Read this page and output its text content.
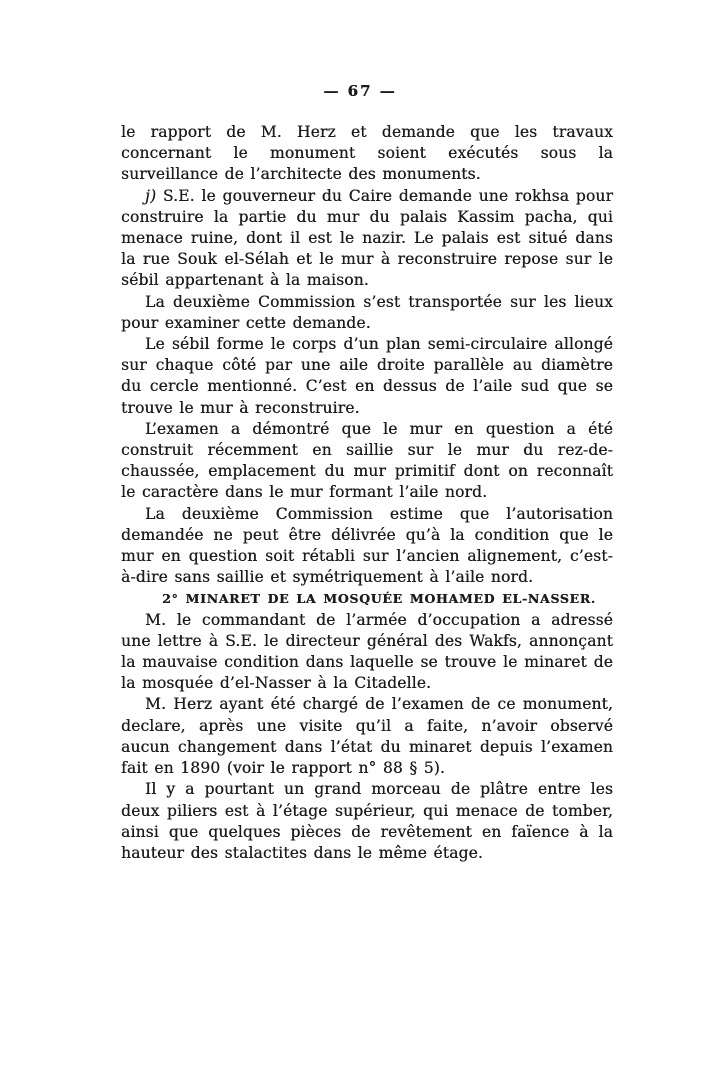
— 67 —

le rapport de M. Herz et demande que les travaux concernant le monument soient exécutés sous la surveillance de l’architecte des monuments.

j) S.E. le gouverneur du Caire demande une rokhsa pour construire la partie du mur du palais Kassim pacha, qui menace ruine, dont il est le nazir. Le palais est situé dans la rue Souk el-Sélah et le mur à reconstruire repose sur le sébil appartenant à la maison.

La deuxième Commission s’est transportée sur les lieux pour examiner cette demande.

Le sébil forme le corps d’un plan semi-circulaire allongé sur chaque côté par une aile droite parallèle au diamètre du cercle mentionné. C’est en dessus de l’aile sud que se trouve le mur à reconstruire.

L’examen a démontré que le mur en question a été construit récemment en saillie sur le mur du rez-de-chaussée, emplacement du mur primitif dont on reconnaît le caractère dans le mur formant l’aile nord.

La deuxième Commission estime que l’autorisation demandée ne peut être délivrée qu’à la condition que le mur en question soit rétabli sur l’ancien alignement, c’est-à-dire sans saillie et symétriquement à l’aile nord.

2° MINARET DE LA MOSQUÉE MOHAMED EL-NASSER.

M. le commandant de l’armée d’occupation a adressé une lettre à S.E. le directeur général des Wakfs, annonçant la mauvaise condition dans laquelle se trouve le minaret de la mosquée d’el-Nasser à la Citadelle.

M. Herz ayant été chargé de l’examen de ce monument, declare, après une visite qu’il a faite, n’avoir observé aucun changement dans l’état du minaret depuis l’examen fait en 1890 (voir le rapport n° 88 § 5).

Il y a pourtant un grand morceau de plâtre entre les deux piliers est à l’étage supérieur, qui menace de tomber, ainsi que quelques pièces de revêtement en faïence à la hauteur des stalactites dans le même étage.
